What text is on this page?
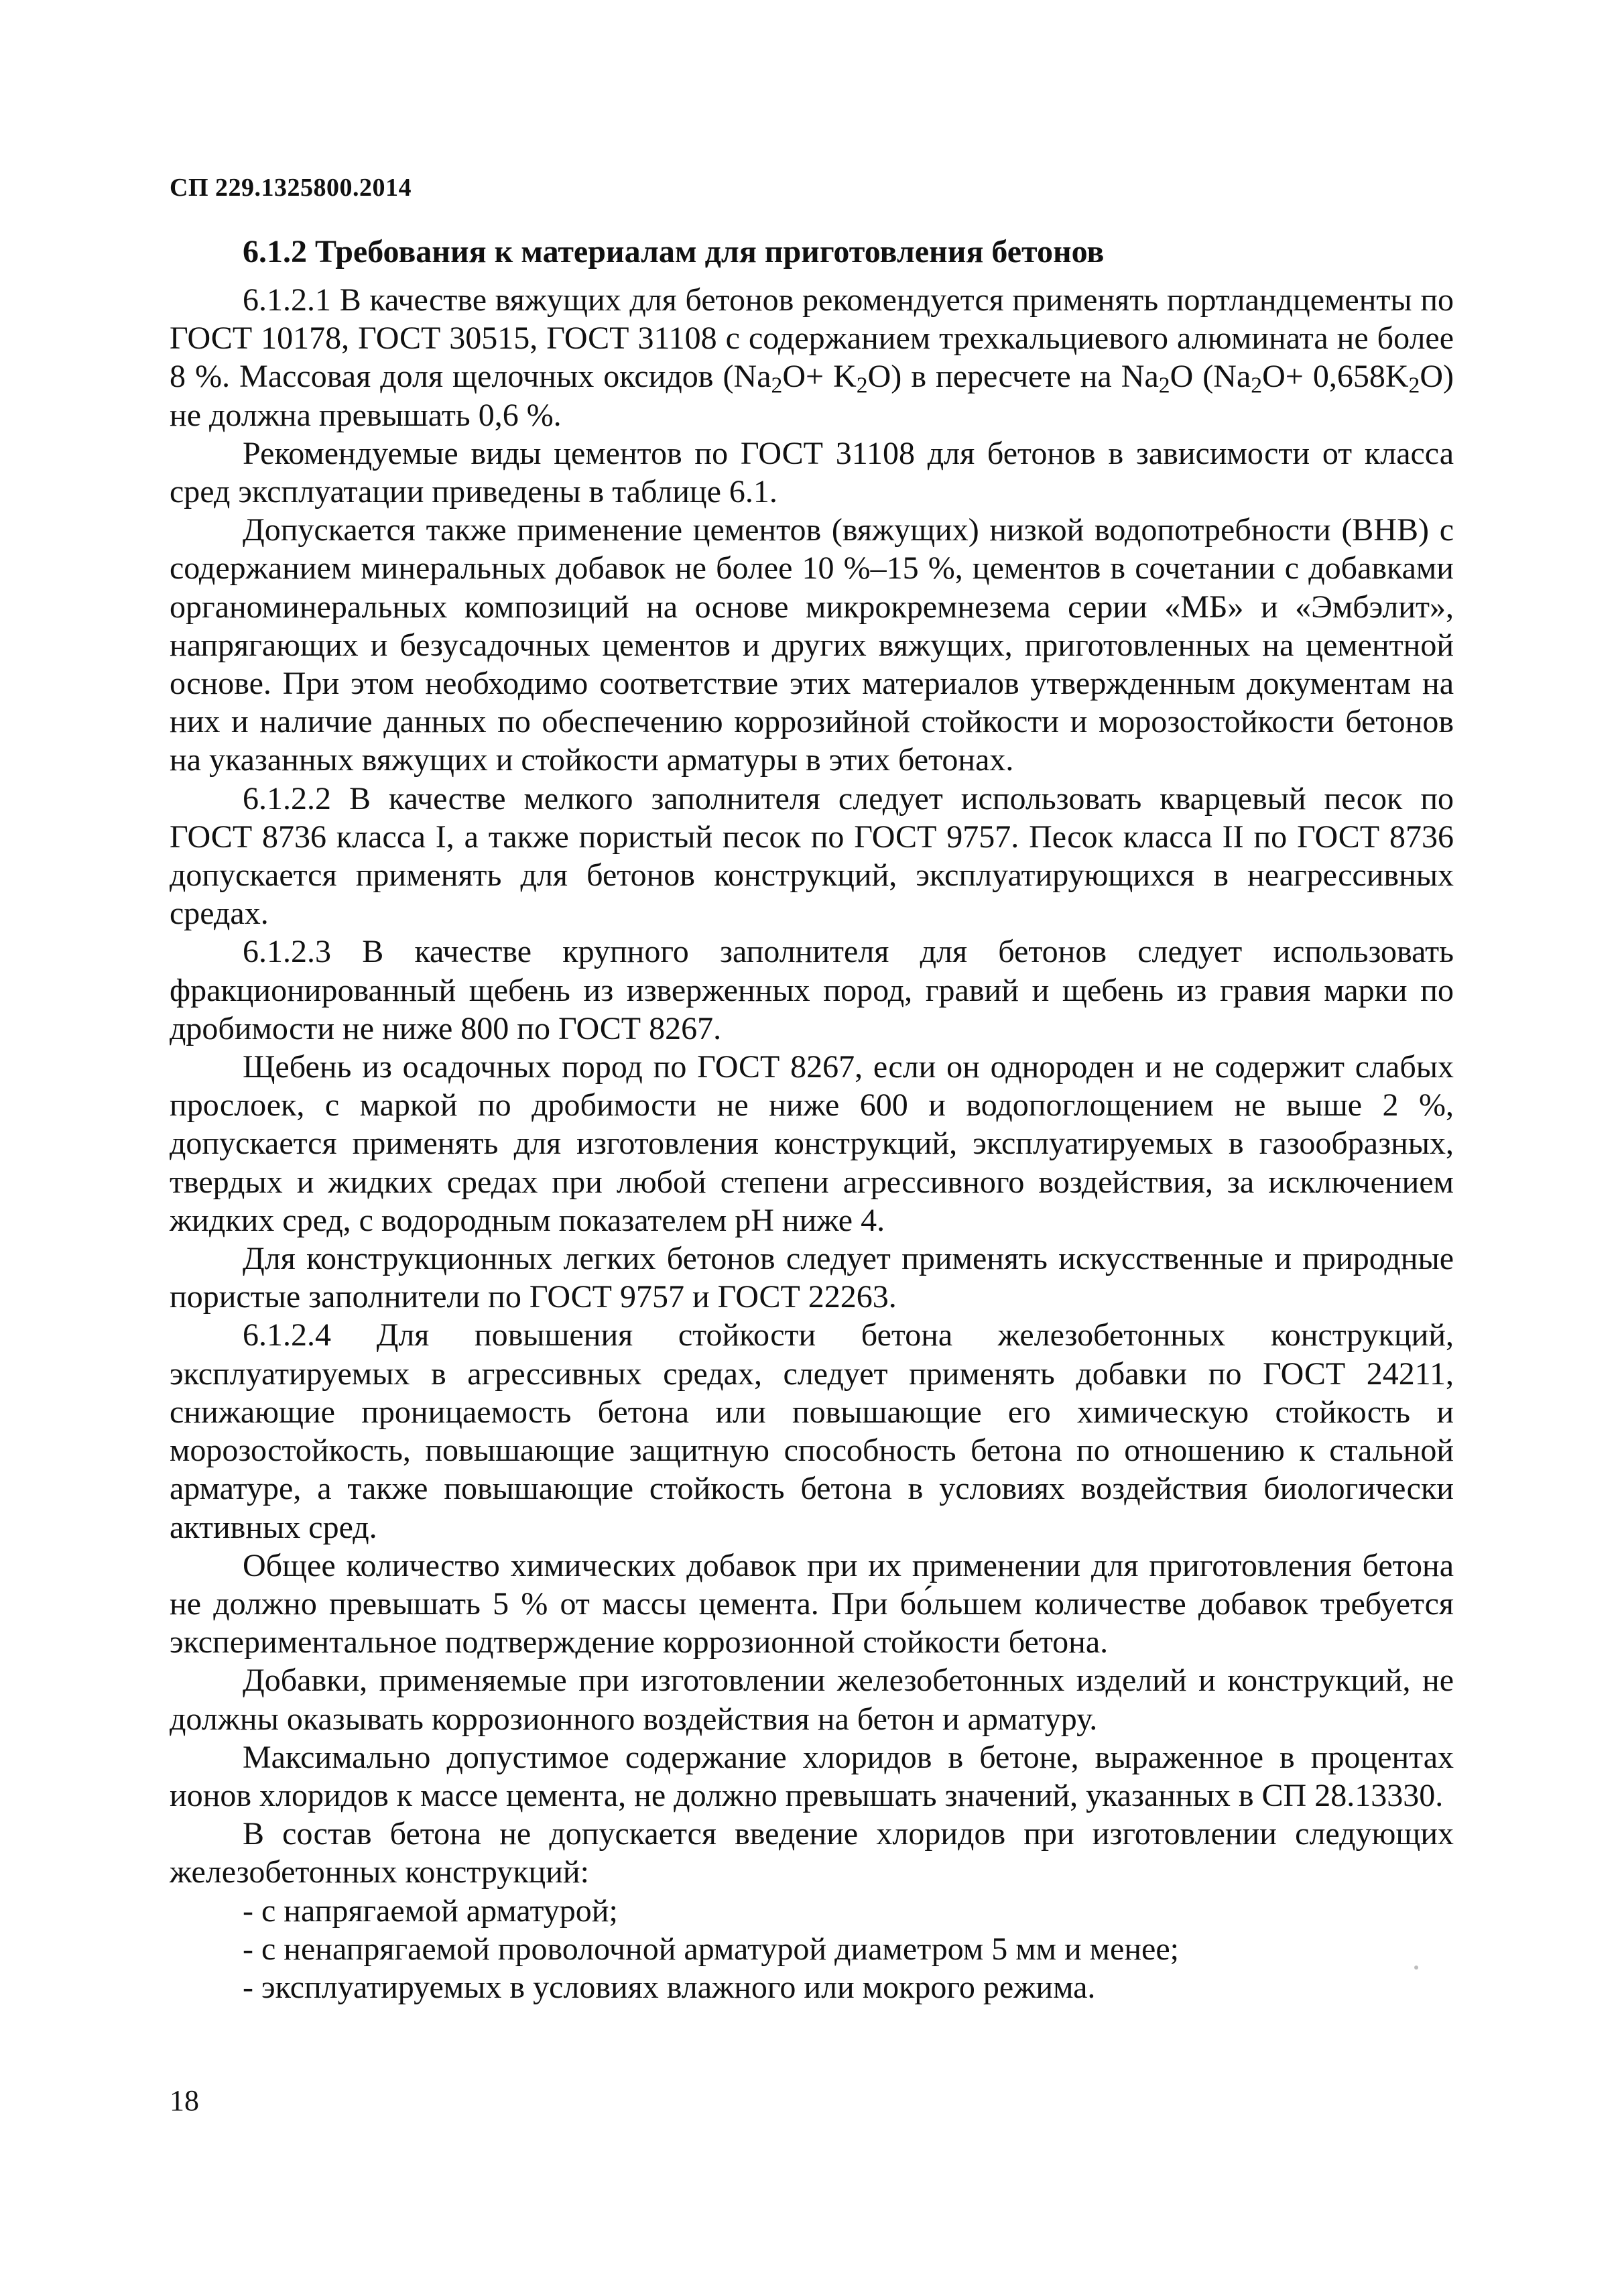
СП 229.1325800.2014
6.1.2 Требования к материалам для приготовления бетонов

6.1.2.1 В качестве вяжущих для бетонов рекомендуется применять портландцементы по ГОСТ 10178, ГОСТ 30515, ГОСТ 31108 с содержанием трехкальциевого алюмината не более 8 %. Массовая доля щелочных оксидов $(Na_2O+ K_2O)$ в пересчете на $Na_2O$ $(Na_2O+ 0,658K_2O)$ не должна превышать 0,6 %.

Рекомендуемые виды цементов по ГОСТ 31108 для бетонов в зависимости от класса сред эксплуатации приведены в таблице 6.1.

Допускается также применение цементов (вяжущих) низкой водопотребности (ВНВ) с содержанием минеральных добавок не более 10 %–15 %, цементов в сочетании с добавками органоминеральных композиций на основе микрокремнезема серии «МБ» и «Эмбэлит», напрягающих и безусадочных цементов и других вяжущих, приготовленных на цементной основе. При этом необходимо соответствие этих материалов утвержденным документам на них и наличие данных по обеспечению коррозийной стойкости и морозостойкости бетонов на указанных вяжущих и стойкости арматуры в этих бетонах.

6.1.2.2 В качестве мелкого заполнителя следует использовать кварцевый песок по ГОСТ 8736 класса I, а также пористый песок по ГОСТ 9757. Песок класса II по ГОСТ 8736 допускается применять для бетонов конструкций, эксплуатирующихся в неагрессивных средах.

6.1.2.3 В качестве крупного заполнителя для бетонов следует использовать фракционированный щебень из изверженных пород, гравий и щебень из гравия марки по дробимости не ниже 800 по ГОСТ 8267.

Щебень из осадочных пород по ГОСТ 8267, если он однороден и не содержит слабых прослоек, с маркой по дробимости не ниже 600 и водопоглощением не выше 2 %, допускается применять для изготовления конструкций, эксплуатируемых в газообразных, твердых и жидких средах при любой степени агрессивного воздействия, за исключением жидких сред, с водородным показателем pH ниже 4.

Для конструкционных легких бетонов следует применять искусственные и природные пористые заполнители по ГОСТ 9757 и ГОСТ 22263.

6.1.2.4 Для повышения стойкости бетона железобетонных конструкций, эксплуатируемых в агрессивных средах, следует применять добавки по ГОСТ 24211, снижающие проницаемость бетона или повышающие его химическую стойкость и морозостойкость, повышающие защитную способность бетона по отношению к стальной арматуре, а также повышающие стойкость бетона в условиях воздействия биологически активных сред.

Общее количество химических добавок при их применении для приготовления бетона не должно превышать 5 % от массы цемента. При бо́льшем количестве добавок требуется экспериментальное подтверждение коррозионной стойкости бетона.

Добавки, применяемые при изготовлении железобетонных изделий и конструкций, не должны оказывать коррозионного воздействия на бетон и арматуру.

Максимально допустимое содержание хлоридов в бетоне, выраженное в процентах ионов хлоридов к массе цемента, не должно превышать значений, указанных в СП 28.13330.

В состав бетона не допускается введение хлоридов при изготовлении следующих железобетонных конструкций:

- с напрягаемой арматурой;

- с ненапрягаемой проволочной арматурой диаметром 5 мм и менее;

- эксплуатируемых в условиях влажного или мокрого режима.

18
